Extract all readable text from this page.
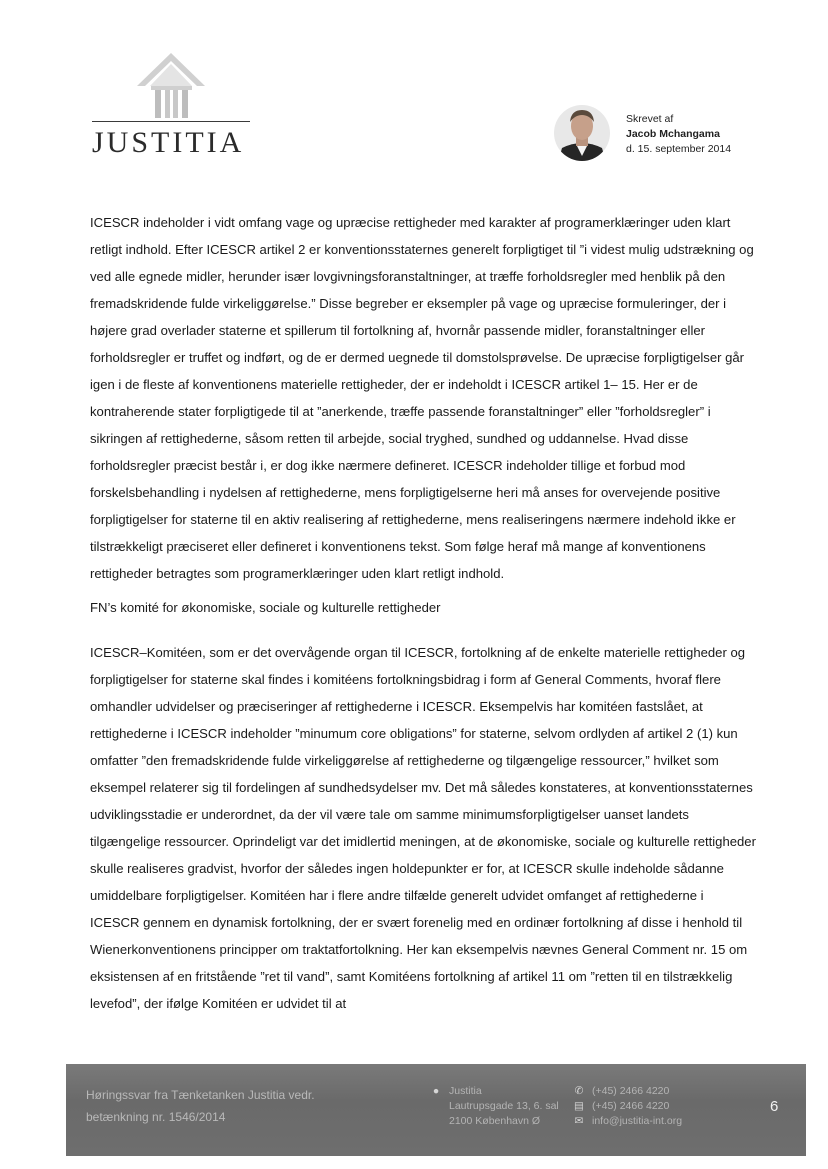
JUSTITIA
Skrevet af
Jacob Mchangama
d. 15. september 2014

ICESCR indeholder i vidt omfang vage og upræcise rettigheder med karakter af programerklæringer uden klart retligt indhold. Efter ICESCR artikel 2 er konventionsstaternes generelt forpligtiget til ”i videst mulig udstrækning og ved alle egnede midler, herunder især lovgivningsforanstaltninger, at træffe forholdsregler med henblik på den fremadskridende fulde virkeliggørelse.” Disse begreber er eksempler på vage og upræcise formuleringer, der i højere grad overlader staterne et spillerum til fortolkning af, hvornår passende midler, foranstaltninger eller forholdsregler er truffet og indført, og de er dermed uegnede til domstolsprøvelse. De upræcise forpligtigelser går igen i de fleste af konventionens materielle rettigheder, der er indeholdt i ICESCR artikel 1– 15. Her er de kontraherende stater forpligtigede til at ”anerkende, træffe passende foranstaltninger” eller ”forholdsregler” i sikringen af rettighederne, såsom retten til arbejde, social tryghed, sundhed og uddannelse. Hvad disse forholdsregler præcist består i, er dog ikke nærmere defineret. ICESCR indeholder tillige et forbud mod forskelsbehandling i nydelsen af rettighederne, mens forpligtigelserne heri må anses for overvejende positive forpligtigelser for staterne til en aktiv realisering af rettighederne, mens realiseringens nærmere indehold ikke er tilstrækkeligt præciseret eller defineret i konventionens tekst. Som følge heraf må mange af konventionens rettigheder betragtes som programerklæringer uden klart retligt indhold.

FN’s komité for økonomiske, sociale og kulturelle rettigheder

ICESCR–Komitéen, som er det overvågende organ til ICESCR, fortolkning af de enkelte materielle rettigheder og forpligtigelser for staterne skal findes i komitéens fortolkningsbidrag i form af General Comments, hvoraf flere omhandler udvidelser og præciseringer af rettighederne i ICESCR. Eksempelvis har komitéen fastslået, at rettighederne i ICESCR indeholder ”minumum core obligations” for staterne, selvom ordlyden af artikel 2 (1) kun omfatter ”den fremadskridende fulde virkeliggørelse af rettighederne og tilgængelige ressourcer,” hvilket som eksempel relaterer sig til fordelingen af sundhedsydelser mv. Det må således konstateres, at konventionsstaternes udviklingsstadie er underordnet, da der vil være tale om samme minimumsforpligtigelser uanset landets tilgængelige ressourcer. Oprindeligt var det imidlertid meningen, at de økonomiske, sociale og kulturelle rettigheder skulle realiseres gradvist, hvorfor der således ingen holdepunkter er for, at ICESCR skulle indeholde sådanne umiddelbare forpligtigelser. Komitéen har i flere andre tilfælde generelt udvidet omfanget af rettighederne i ICESCR gennem en dynamisk fortolkning, der er svært forenelig med en ordinær fortolkning af disse i henhold til Wienerkonventionens principper om traktatfortolkning. Her kan eksempelvis nævnes General Comment nr. 15 om eksistensen af en fritstående ”ret til vand”, samt Komitéens fortolkning af artikel 11 om ”retten til en tilstrækkelig levefod”, der ifølge Komitéen er udvidet til at

Høringssvar fra Tænketanken Justitia vedr.
betænkning nr. 1546/2014
● Justitia
Lautrupsgade 13, 6. sal
2100 København Ø
✆ (+45) 2466 4220
▤ (+45) 2466 4220
✉ info@justitia-int.org
6
